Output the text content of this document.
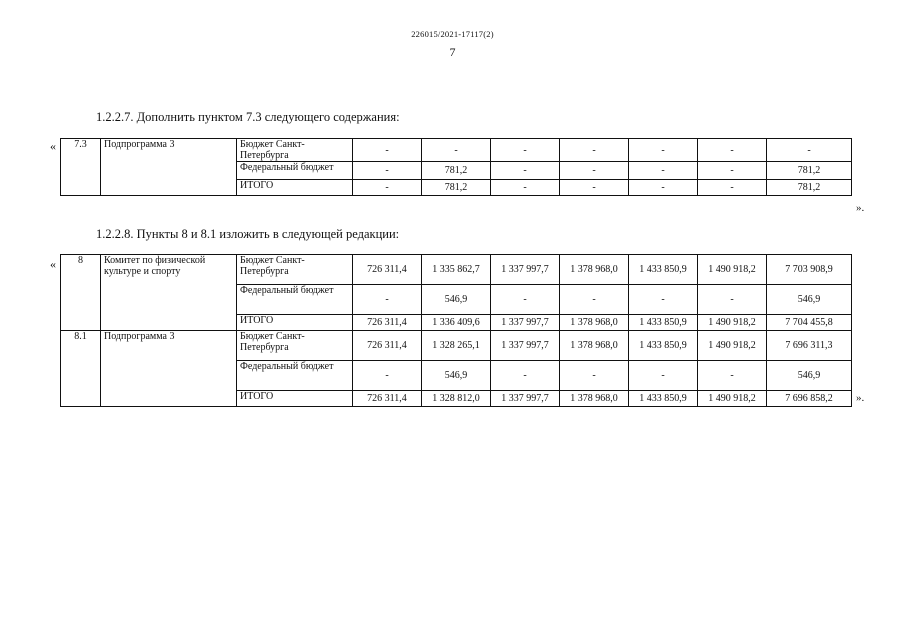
226015/2021-17117(2)
7
1.2.2.7. Дополнить пунктом 7.3 следующего содержания:
« 7.3	Подпрограмма 3	Бюджет Санкт-Петербурга	-	-	-	-	-	-	-
		Федеральный бюджет	-	781,2	-	-	-	-	781,2
		ИТОГО	-	781,2	-	-	-	-	781,2
».
1.2.2.8. Пункты 8 и 8.1 изложить в следующей редакции:
« 8	Комитет по физической культуре и спорту	Бюджет Санкт-Петербурга	726 311,4	1 335 862,7	1 337 997,7	1 378 968,0	1 433 850,9	1 490 918,2	7 703 908,9
		Федеральный бюджет	-	546,9	-	-	-	-	546,9
		ИТОГО	726 311,4	1 336 409,6	1 337 997,7	1 378 968,0	1 433 850,9	1 490 918,2	7 704 455,8
8.1	Подпрограмма 3	Бюджет Санкт-Петербурга	726 311,4	1 328 265,1	1 337 997,7	1 378 968,0	1 433 850,9	1 490 918,2	7 696 311,3
		Федеральный бюджет	-	546,9	-	-	-	-	546,9
		ИТОГО	726 311,4	1 328 812,0	1 337 997,7	1 378 968,0	1 433 850,9	1 490 918,2	7 696 858,2 ».
